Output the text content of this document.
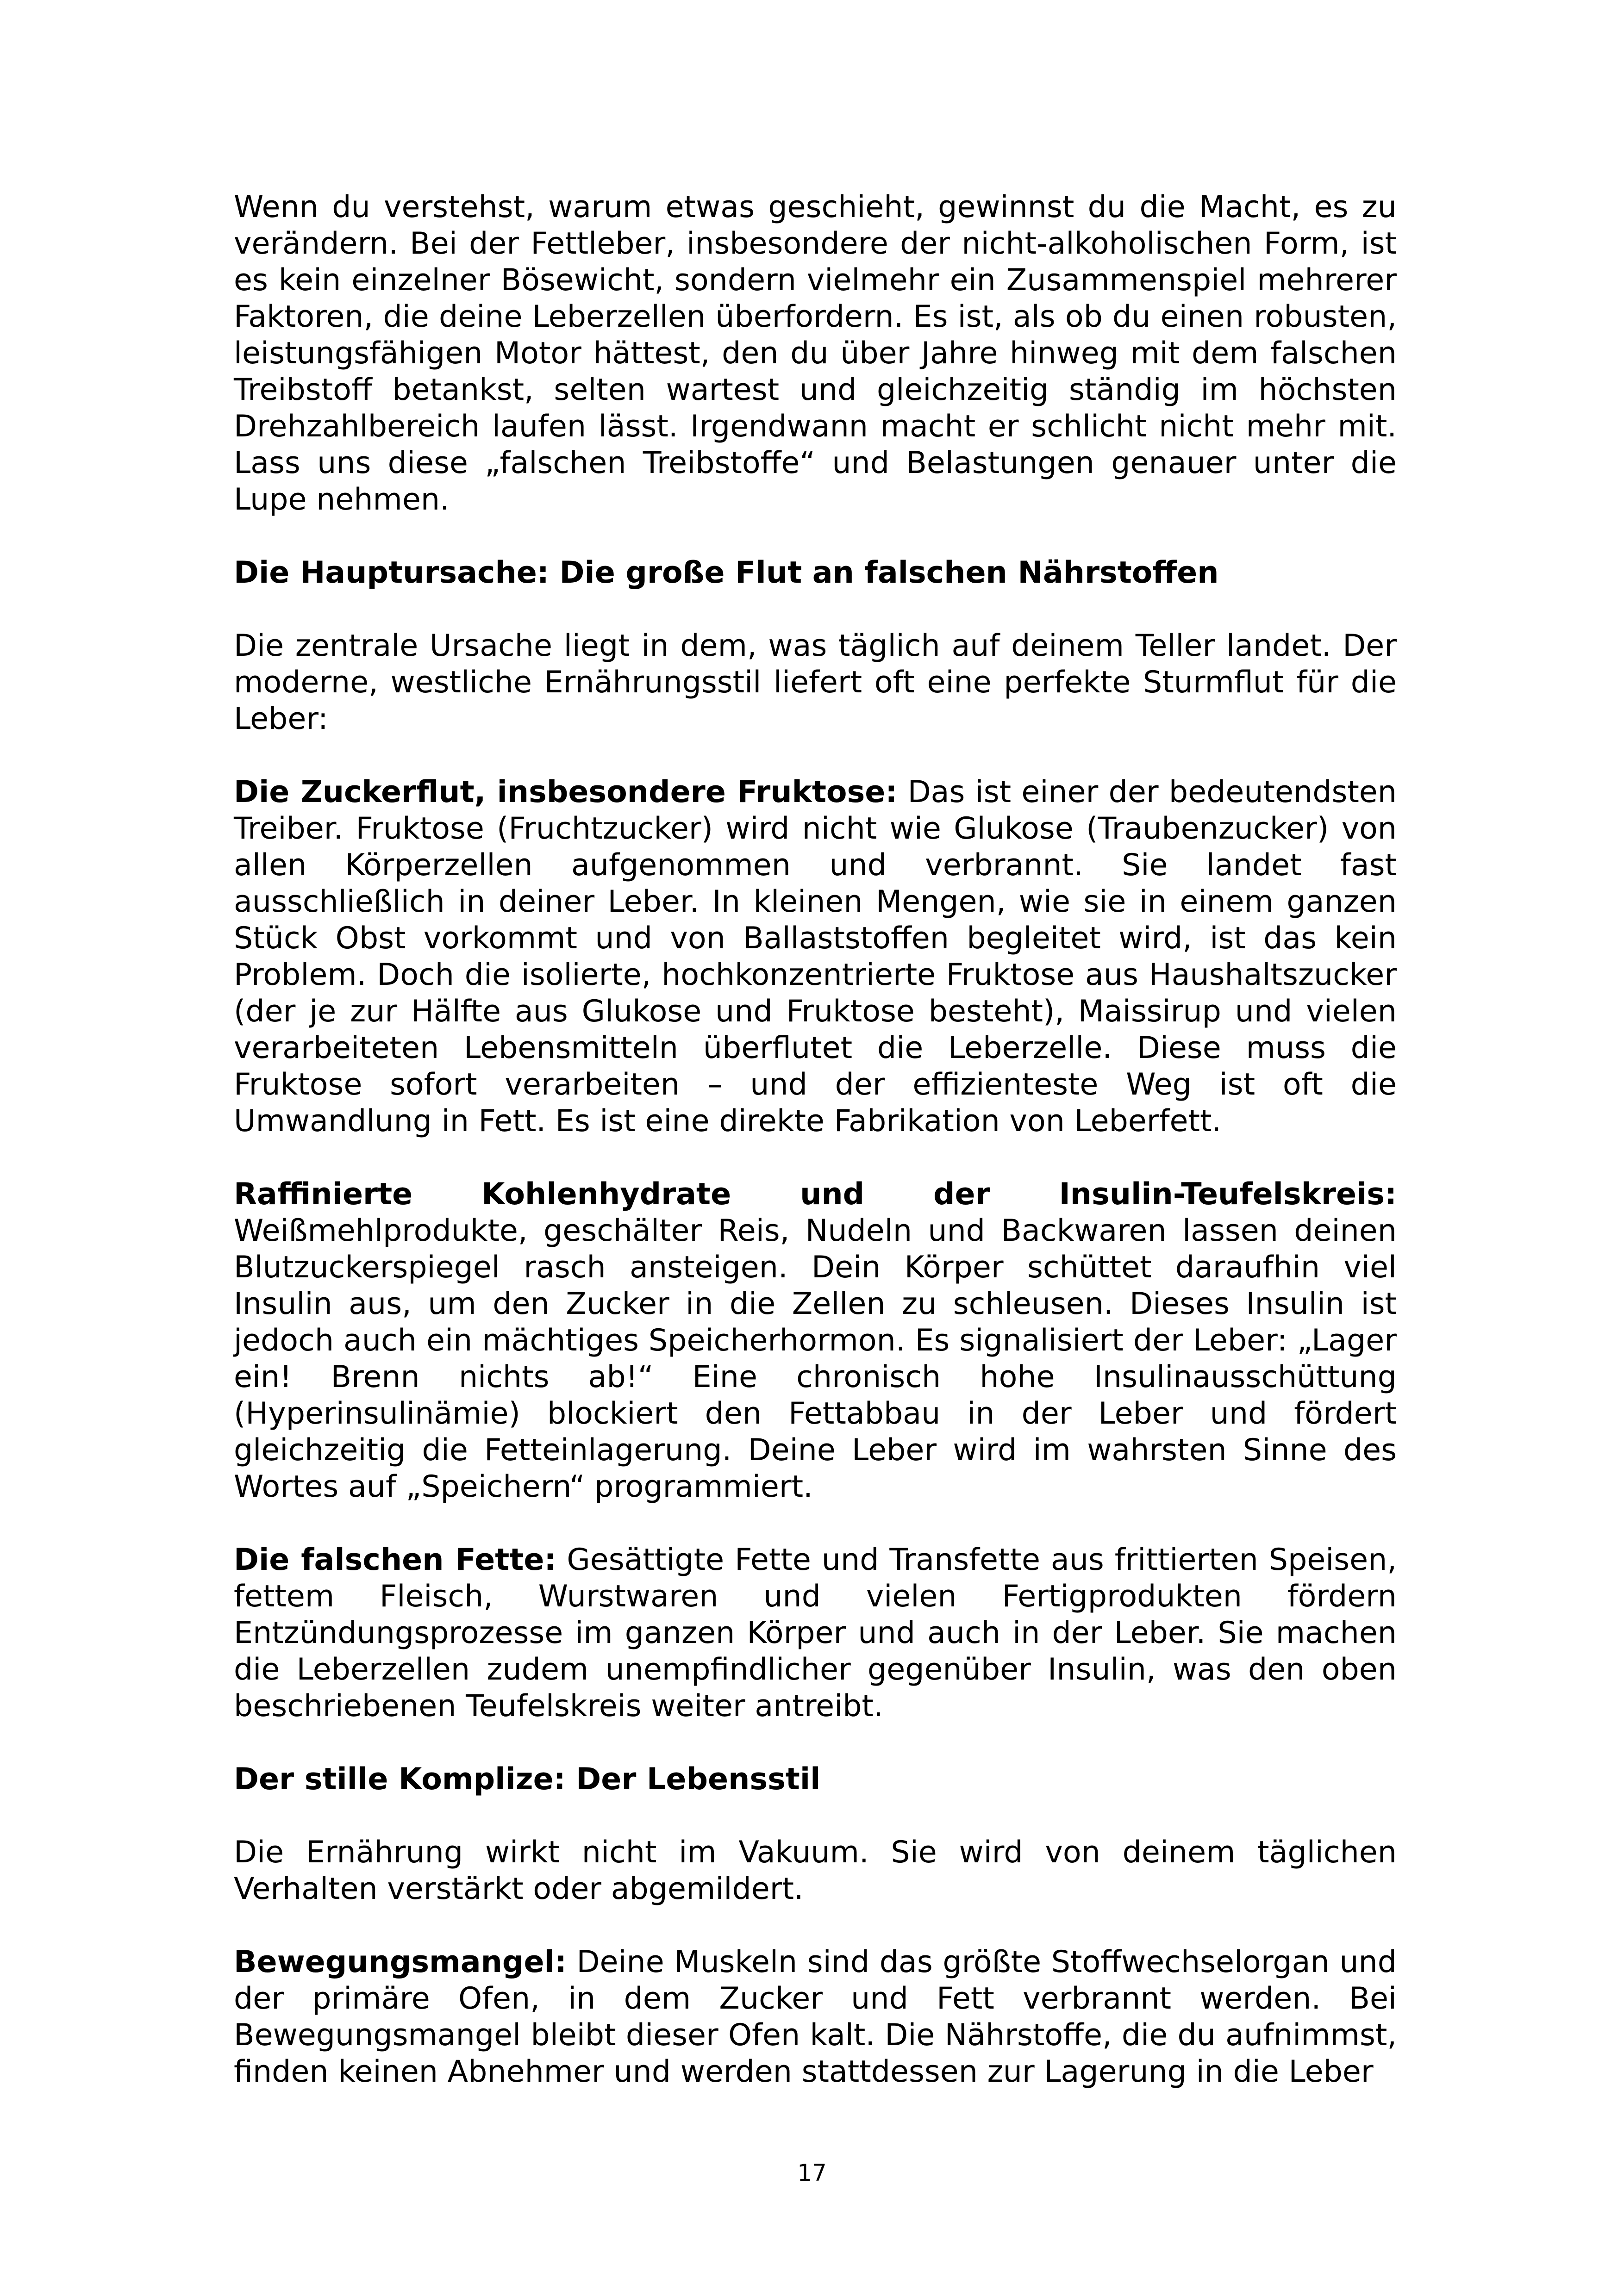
Wenn du verstehst, warum etwas geschieht, gewinnst du die Macht, es zu verändern. Bei der Fettleber, insbesondere der nicht-alkoholischen Form, ist es kein einzelner Bösewicht, sondern vielmehr ein Zusammenspiel mehrerer Faktoren, die deine Leberzellen überfordern. Es ist, als ob du einen robusten, leistungsfähigen Motor hättest, den du über Jahre hinweg mit dem falschen Treibstoff betankst, selten wartest und gleichzeitig ständig im höchsten Drehzahlbereich laufen lässt. Irgendwann macht er schlicht nicht mehr mit. Lass uns diese „falschen Treibstoffe“ und Belastungen genauer unter die Lupe nehmen.

Die Hauptursache: Die große Flut an falschen Nährstoffen

Die zentrale Ursache liegt in dem, was täglich auf deinem Teller landet. Der moderne, westliche Ernährungsstil liefert oft eine perfekte Sturmflut für die Leber:

Die Zuckerflut, insbesondere Fruktose: Das ist einer der bedeutendsten Treiber. Fruktose (Fruchtzucker) wird nicht wie Glukose (Traubenzucker) von allen Körperzellen aufgenommen und verbrannt. Sie landet fast ausschließlich in deiner Leber. In kleinen Mengen, wie sie in einem ganzen Stück Obst vorkommt und von Ballaststoffen begleitet wird, ist das kein Problem. Doch die isolierte, hochkonzentrierte Fruktose aus Haushaltszucker (der je zur Hälfte aus Glukose und Fruktose besteht), Maissirup und vielen verarbeiteten Lebensmitteln überflutet die Leberzelle. Diese muss die Fruktose sofort verarbeiten – und der effizienteste Weg ist oft die Umwandlung in Fett. Es ist eine direkte Fabrikation von Leberfett.

Raffinierte Kohlenhydrate und der Insulin-Teufelskreis: Weißmehlprodukte, geschälter Reis, Nudeln und Backwaren lassen deinen Blutzuckerspiegel rasch ansteigen. Dein Körper schüttet daraufhin viel Insulin aus, um den Zucker in die Zellen zu schleusen. Dieses Insulin ist jedoch auch ein mächtiges Speicherhormon. Es signalisiert der Leber: „Lager ein! Brenn nichts ab!“ Eine chronisch hohe Insulinausschüttung (Hyperinsulinämie) blockiert den Fettabbau in der Leber und fördert gleichzeitig die Fetteinlagerung. Deine Leber wird im wahrsten Sinne des Wortes auf „Speichern“ programmiert.

Die falschen Fette: Gesättigte Fette und Transfette aus frittierten Speisen, fettem Fleisch, Wurstwaren und vielen Fertigprodukten fördern Entzündungsprozesse im ganzen Körper und auch in der Leber. Sie machen die Leberzellen zudem unempfindlicher gegenüber Insulin, was den oben beschriebenen Teufelskreis weiter antreibt.

Der stille Komplize: Der Lebensstil

Die Ernährung wirkt nicht im Vakuum. Sie wird von deinem täglichen Verhalten verstärkt oder abgemildert.

Bewegungsmangel: Deine Muskeln sind das größte Stoffwechselorgan und der primäre Ofen, in dem Zucker und Fett verbrannt werden. Bei Bewegungsmangel bleibt dieser Ofen kalt. Die Nährstoffe, die du aufnimmst, finden keinen Abnehmer und werden stattdessen zur Lagerung in die Leber

17
